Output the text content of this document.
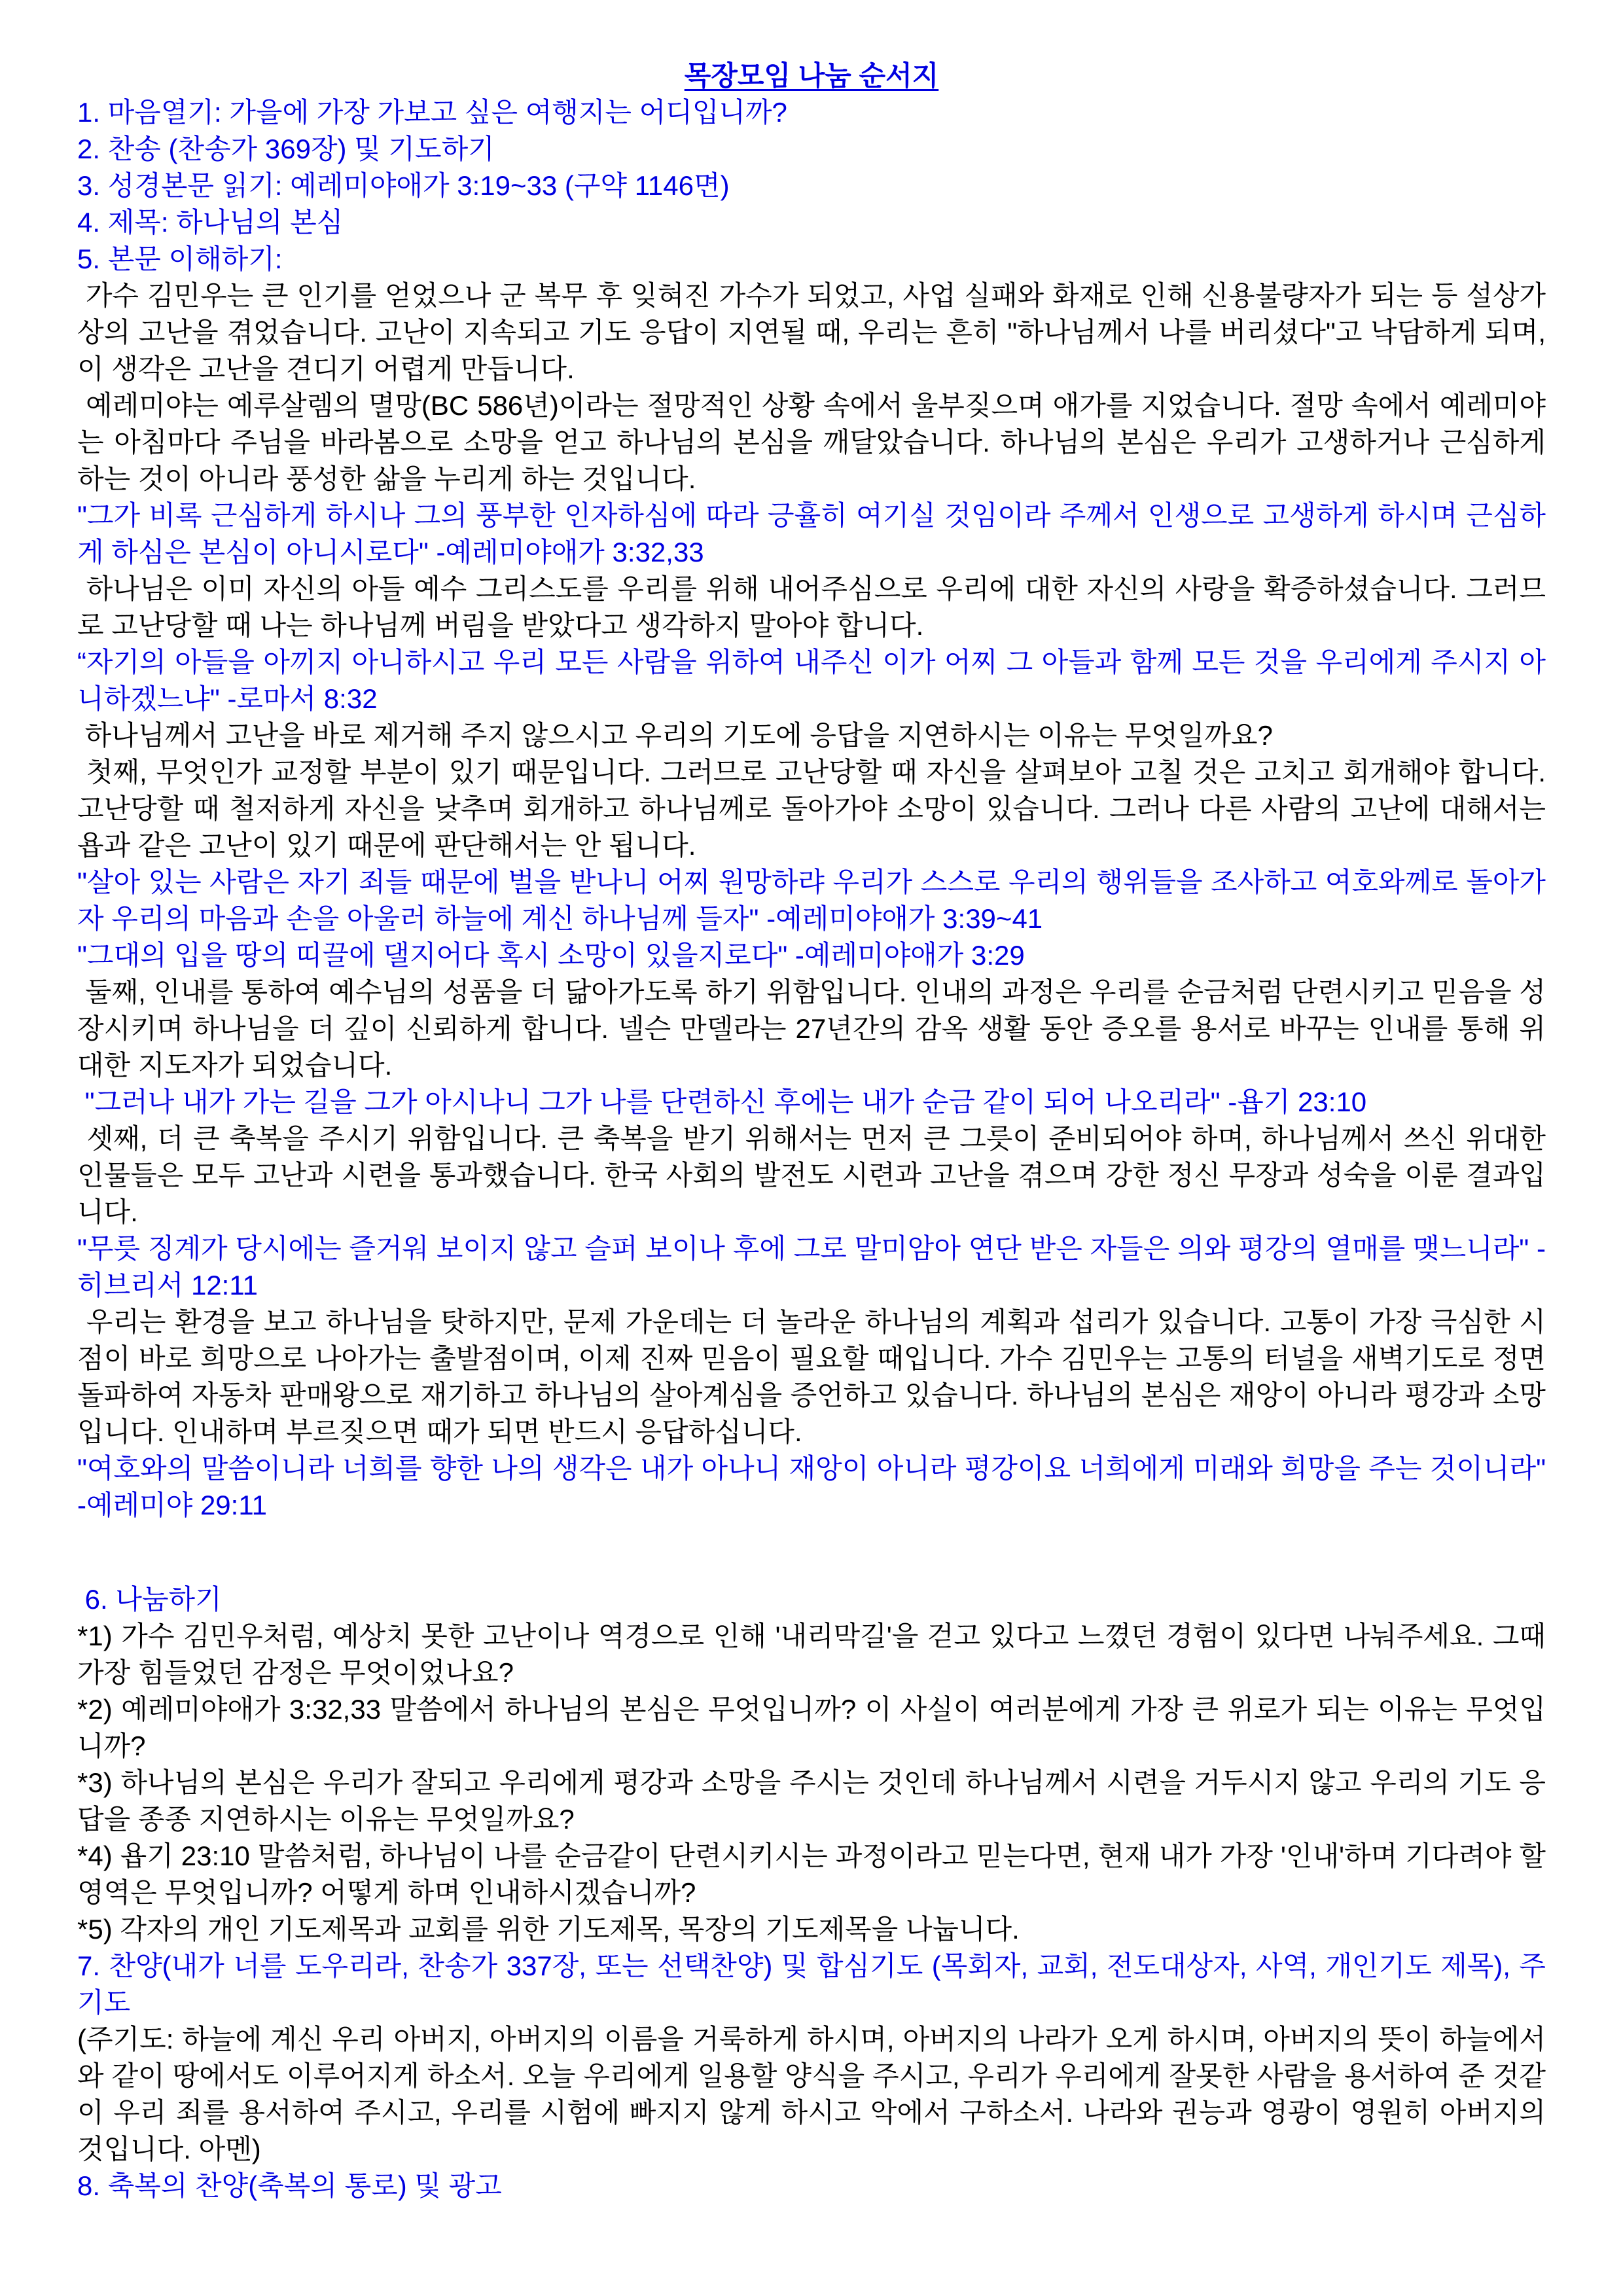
목장모임 나눔 순서지

1. 마음열기: 가을에 가장 가보고 싶은 여행지는 어디입니까?

2. 찬송 (찬송가 369장) 및 기도하기

3. 성경본문 읽기: 예레미야애가 3:19~33 (구약 1146면)

4. 제목: 하나님의 본심

5. 본문 이해하기:

가수 김민우는 큰 인기를 얻었으나 군 복무 후 잊혀진 가수가 되었고, 사업 실패와 화재로 인해 신용불량자가 되는 등 설상가상의 고난을 겪었습니다. 고난이 지속되고 기도 응답이 지연될 때, 우리는 흔히 "하나님께서 나를 버리셨다"고 낙담하게 되며, 이 생각은 고난을 견디기 어렵게 만듭니다.

예레미야는 예루살렘의 멸망(BC 586년)이라는 절망적인 상황 속에서 울부짖으며 애가를 지었습니다. 절망 속에서 예레미야는 아침마다 주님을 바라봄으로 소망을 얻고 하나님의 본심을 깨달았습니다. 하나님의 본심은 우리가 고생하거나 근심하게 하는 것이 아니라 풍성한 삶을 누리게 하는 것입니다.

"그가 비록 근심하게 하시나 그의 풍부한 인자하심에 따라 긍휼히 여기실 것임이라 주께서 인생으로 고생하게 하시며 근심하게 하심은 본심이 아니시로다" -예레미야애가 3:32,33

하나님은 이미 자신의 아들 예수 그리스도를 우리를 위해 내어주심으로 우리에 대한 자신의 사랑을 확증하셨습니다. 그러므로 고난당할 때 나는 하나님께 버림을 받았다고 생각하지 말아야 합니다.

“자기의 아들을 아끼지 아니하시고 우리 모든 사람을 위하여 내주신 이가 어찌 그 아들과 함께 모든 것을 우리에게 주시지 아니하겠느냐" -로마서 8:32

하나님께서 고난을 바로 제거해 주지 않으시고 우리의 기도에 응답을 지연하시는 이유는 무엇일까요?

첫째, 무엇인가 교정할 부분이 있기 때문입니다. 그러므로 고난당할 때 자신을 살펴보아 고칠 것은 고치고 회개해야 합니다. 고난당할 때 철저하게 자신을 낮추며 회개하고 하나님께로 돌아가야 소망이 있습니다. 그러나 다른 사람의 고난에 대해서는 욥과 같은 고난이 있기 때문에 판단해서는 안 됩니다.

"살아 있는 사람은 자기 죄들 때문에 벌을 받나니 어찌 원망하랴 우리가 스스로 우리의 행위들을 조사하고 여호와께로 돌아가자 우리의 마음과 손을 아울러 하늘에 계신 하나님께 들자" -예레미야애가 3:39~41

"그대의 입을 땅의 띠끌에 댈지어다 혹시 소망이 있을지로다" -예레미야애가 3:29

둘째, 인내를 통하여 예수님의 성품을 더 닮아가도록 하기 위함입니다. 인내의 과정은 우리를 순금처럼 단련시키고 믿음을 성장시키며 하나님을 더 깊이 신뢰하게 합니다. 넬슨 만델라는 27년간의 감옥 생활 동안 증오를 용서로 바꾸는 인내를 통해 위대한 지도자가 되었습니다.

"그러나 내가 가는 길을 그가 아시나니 그가 나를 단련하신 후에는 내가 순금 같이 되어 나오리라" -욥기 23:10

셋째, 더 큰 축복을 주시기 위함입니다. 큰 축복을 받기 위해서는 먼저 큰 그릇이 준비되어야 하며, 하나님께서 쓰신 위대한 인물들은 모두 고난과 시련을 통과했습니다. 한국 사회의 발전도 시련과 고난을 겪으며 강한 정신 무장과 성숙을 이룬 결과입니다.

"무릇 징계가 당시에는 즐거워 보이지 않고 슬퍼 보이나 후에 그로 말미암아 연단 받은 자들은 의와 평강의 열매를 맺느니라" -히브리서 12:11

우리는 환경을 보고 하나님을 탓하지만, 문제 가운데는 더 놀라운 하나님의 계획과 섭리가 있습니다. 고통이 가장 극심한 시점이 바로 희망으로 나아가는 출발점이며, 이제 진짜 믿음이 필요할 때입니다. 가수 김민우는 고통의 터널을 새벽기도로 정면돌파하여 자동차 판매왕으로 재기하고 하나님의 살아계심을 증언하고 있습니다. 하나님의 본심은 재앙이 아니라 평강과 소망입니다. 인내하며 부르짖으면 때가 되면 반드시 응답하십니다.

"여호와의 말씀이니라 너희를 향한 나의 생각은 내가 아나니 재앙이 아니라 평강이요 너희에게 미래와 희망을 주는 것이니라" -예레미야 29:11

6. 나눔하기

*1) 가수 김민우처럼, 예상치 못한 고난이나 역경으로 인해 '내리막길'을 걷고 있다고 느꼈던 경험이 있다면 나눠주세요. 그때 가장 힘들었던 감정은 무엇이었나요?

*2) 예레미야애가 3:32,33 말씀에서 하나님의 본심은 무엇입니까? 이 사실이 여러분에게 가장 큰 위로가 되는 이유는 무엇입니까?

*3) 하나님의 본심은 우리가 잘되고 우리에게 평강과 소망을 주시는 것인데 하나님께서 시련을 거두시지 않고 우리의 기도 응답을 종종 지연하시는 이유는 무엇일까요?

*4) 욥기 23:10 말씀처럼, 하나님이 나를 순금같이 단련시키시는 과정이라고 믿는다면, 현재 내가 가장 '인내'하며 기다려야 할 영역은 무엇입니까? 어떻게 하며 인내하시겠습니까?

*5) 각자의 개인 기도제목과 교회를 위한 기도제목, 목장의 기도제목을 나눕니다.

7. 찬양(내가 너를 도우리라, 찬송가 337장, 또는 선택찬양) 및 합심기도 (목회자, 교회, 전도대상자, 사역, 개인기도 제목), 주기도

(주기도: 하늘에 계신 우리 아버지, 아버지의 이름을 거룩하게 하시며, 아버지의 나라가 오게 하시며, 아버지의 뜻이 하늘에서와 같이 땅에서도 이루어지게 하소서. 오늘 우리에게 일용할 양식을 주시고, 우리가 우리에게 잘못한 사람을 용서하여 준 것같이 우리 죄를 용서하여 주시고, 우리를 시험에 빠지지 않게 하시고 악에서 구하소서. 나라와 권능과 영광이 영원히 아버지의 것입니다. 아멘)

8. 축복의 찬양(축복의 통로) 및 광고
